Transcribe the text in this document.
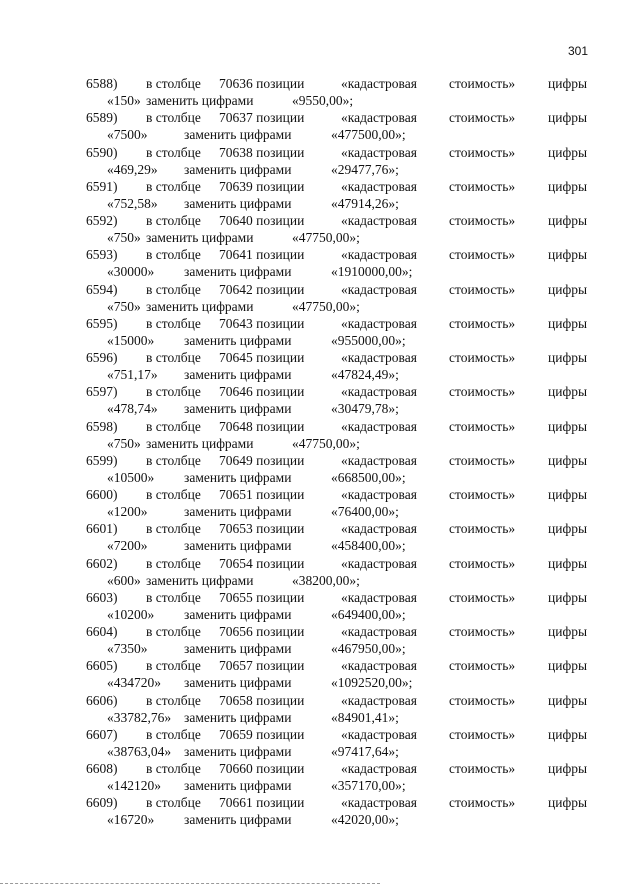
301
6588) в столбце 70636 позиции	«кадастровая стоимость» цифры
«150» заменить цифрами	«9550,00»;
6589) в столбце 70637 позиции	«кадастровая стоимость» цифры
«7500»	заменить цифрами	«477500,00»;
6590) в столбце 70638 позиции	«кадастровая стоимость» цифры
«469,29» заменить цифрами	«29477,76»;
6591) в столбце 70639 позиции	«кадастровая стоимость» цифры
«752,58» заменить цифрами	«47914,26»;
6592) в столбце 70640 позиции	«кадастровая стоимость» цифры
«750» заменить цифрами	«47750,00»;
6593) в столбце 70641 позиции	«кадастровая стоимость» цифры
«30000» заменить цифрами	«1910000,00»;
6594) в столбце 70642 позиции	«кадастровая стоимость» цифры
«750» заменить цифрами	«47750,00»;
6595) в столбце 70643 позиции	«кадастровая стоимость» цифры
«15000» заменить цифрами	«955000,00»;
6596) в столбце 70645 позиции	«кадастровая стоимость» цифры
«751,17» заменить цифрами	«47824,49»;
6597) в столбце 70646 позиции	«кадастровая стоимость» цифры
«478,74» заменить цифрами	«30479,78»;
6598) в столбце 70648 позиции	«кадастровая стоимость» цифры
«750» заменить цифрами	«47750,00»;
6599) в столбце 70649 позиции	«кадастровая стоимость» цифры
«10500» заменить цифрами	«668500,00»;
6600) в столбце 70651 позиции	«кадастровая стоимость» цифры
«1200»	заменить цифрами	«76400,00»;
6601) в столбце 70653 позиции	«кадастровая стоимость» цифры
«7200»	заменить цифрами	«458400,00»;
6602) в столбце 70654 позиции	«кадастровая стоимость» цифры
«600» заменить цифрами	«38200,00»;
6603) в столбце 70655 позиции	«кадастровая стоимость» цифры
«10200» заменить цифрами	«649400,00»;
6604) в столбце 70656 позиции	«кадастровая стоимость» цифры
«7350»	заменить цифрами	«467950,00»;
6605) в столбце 70657 позиции	«кадастровая стоимость» цифры
«434720» заменить цифрами	«1092520,00»;
6606) в столбце 70658 позиции	«кадастровая стоимость» цифры
«33782,76» заменить цифрами	«84901,41»;
6607) в столбце 70659 позиции	«кадастровая стоимость» цифры
«38763,04» заменить цифрами	«97417,64»;
6608) в столбце 70660 позиции	«кадастровая стоимость» цифры
«142120» заменить цифрами	«357170,00»;
6609) в столбце 70661 позиции	«кадастровая стоимость» цифры
«16720» заменить цифрами	«42020,00»;
